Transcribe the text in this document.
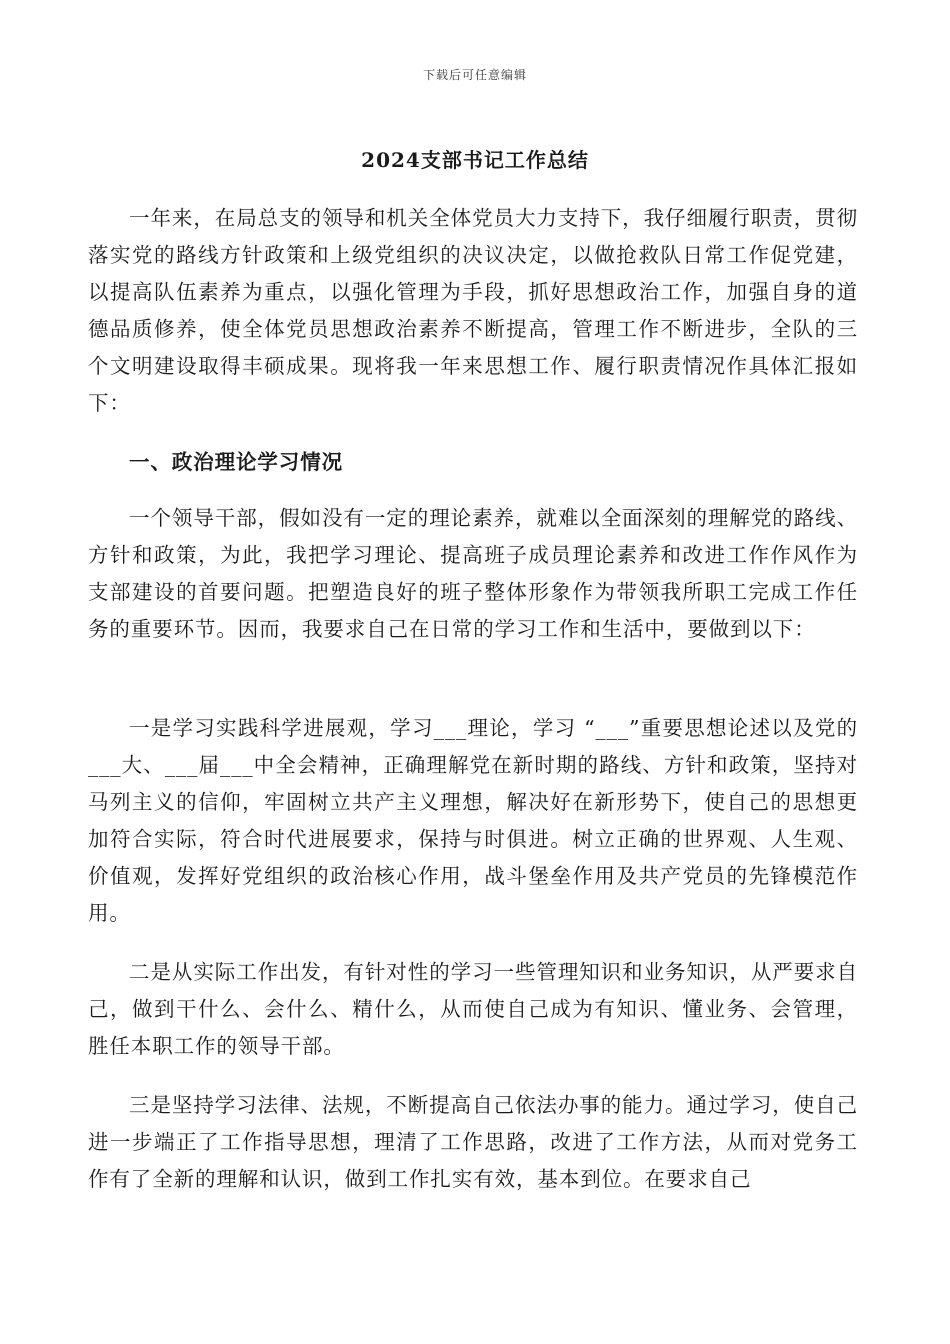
下载后可任意编辑
2024支部书记工作总结

一年来，在局总支的领导和机关全体党员大力支持下，我仔细履行职责，贯彻落实党的路线方针政策和上级党组织的决议决定，以做抢救队日常工作促党建，以提高队伍素养为重点，以强化管理为手段，抓好思想政治工作，加强自身的道德品质修养，使全体党员思想政治素养不断提高，管理工作不断进步，全队的三个文明建设取得丰硕成果。现将我一年来思想工作、履行职责情况作具体汇报如下：

一、政治理论学习情况

一个领导干部，假如没有一定的理论素养，就难以全面深刻的理解党的路线、方针和政策，为此，我把学习理论、提高班子成员理论素养和改进工作作风作为支部建设的首要问题。把塑造良好的班子整体形象作为带领我所职工完成工作任务的重要环节。因而，我要求自己在日常的学习工作和生活中，要做到以下：

一是学习实践科学进展观，学习___理论，学习 “___”重要思想论述以及党的___大、___届___中全会精神，正确理解党在新时期的路线、方针和政策，坚持对马列主义的信仰，牢固树立共产主义理想，解决好在新形势下，使自己的思想更加符合实际，符合时代进展要求，保持与时俱进。树立正确的世界观、人生观、价值观，发挥好党组织的政治核心作用，战斗堡垒作用及共产党员的先锋模范作用。

二是从实际工作出发，有针对性的学习一些管理知识和业务知识，从严要求自己，做到干什么、会什么、精什么，从而使自己成为有知识、懂业务、会管理，胜任本职工作的领导干部。

三是坚持学习法律、法规，不断提高自己依法办事的能力。通过学习，使自己进一步端正了工作指导思想，理清了工作思路，改进了工作方法，从而对党务工作有了全新的理解和认识，做到工作扎实有效，基本到位。在要求自己
